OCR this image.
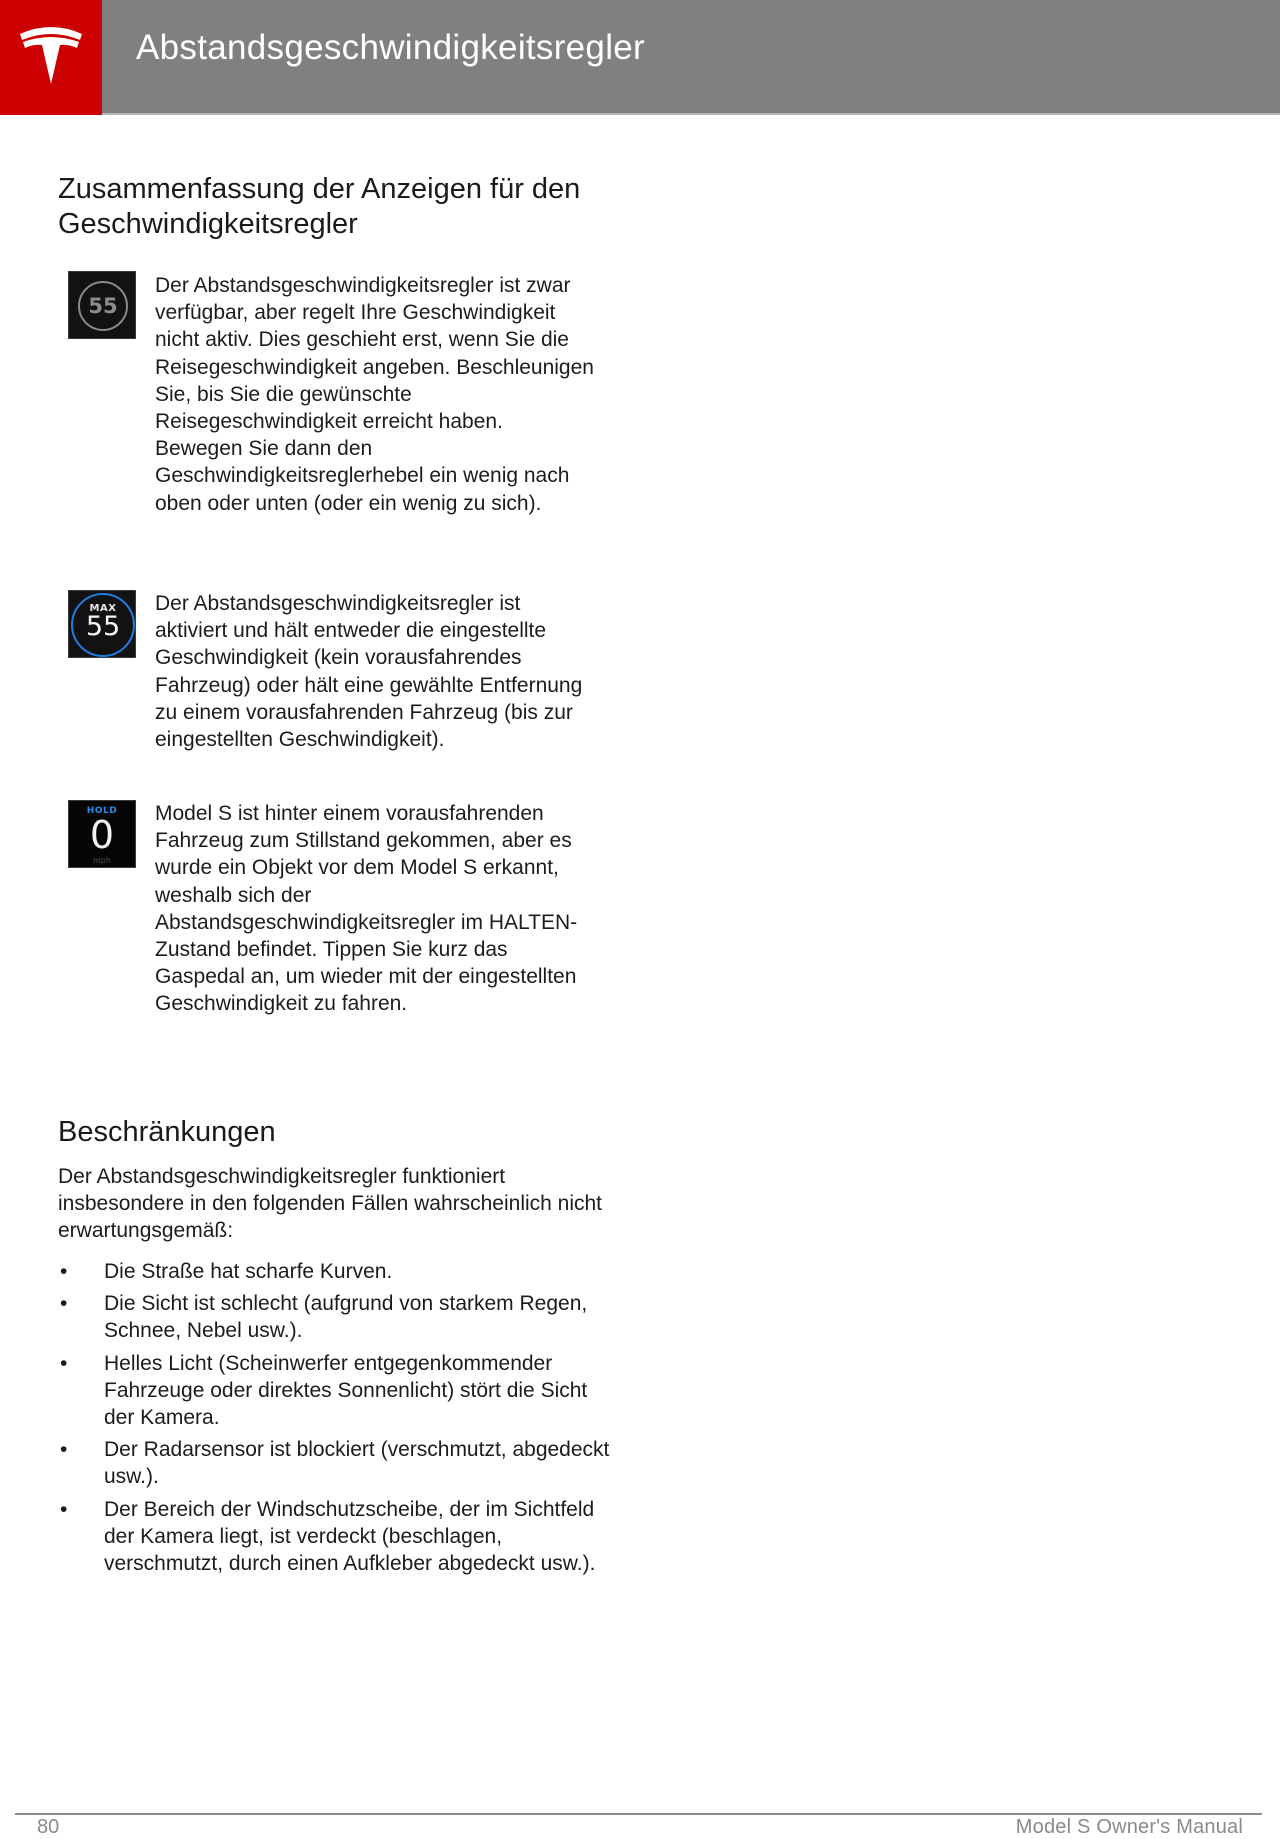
Abstandsgeschwindigkeitsregler
Zusammenfassung der Anzeigen für den Geschwindigkeitsregler
55
Der Abstandsgeschwindigkeitsregler ist zwar verfügbar, aber regelt Ihre Geschwindigkeit nicht aktiv. Dies geschieht erst, wenn Sie die Reisegeschwindigkeit angeben. Beschleunigen Sie, bis Sie die gewünschte Reisegeschwindigkeit erreicht haben. Bewegen Sie dann den Geschwindigkeitsreglerhebel ein wenig nach oben oder unten (oder ein wenig zu sich).
MAX
55
Der Abstandsgeschwindigkeitsregler ist aktiviert und hält entweder die eingestellte Geschwindigkeit (kein vorausfahrendes Fahrzeug) oder hält eine gewählte Entfernung zu einem vorausfahrenden Fahrzeug (bis zur eingestellten Geschwindigkeit).
HOLD
0
mph
Model S ist hinter einem vorausfahrenden Fahrzeug zum Stillstand gekommen, aber es wurde ein Objekt vor dem Model S erkannt, weshalb sich der Abstandsgeschwindigkeitsregler im HALTEN-Zustand befindet. Tippen Sie kurz das Gaspedal an, um wieder mit der eingestellten Geschwindigkeit zu fahren.
Beschränkungen

Der Abstandsgeschwindigkeitsregler funktioniert insbesondere in den folgenden Fällen wahrscheinlich nicht erwartungsgemäß:

• Die Straße hat scharfe Kurven.
• Die Sicht ist schlecht (aufgrund von starkem Regen, Schnee, Nebel usw.).
• Helles Licht (Scheinwerfer entgegenkommender Fahrzeuge oder direktes Sonnenlicht) stört die Sicht der Kamera.
• Der Radarsensor ist blockiert (verschmutzt, abgedeckt usw.).
• Der Bereich der Windschutzscheibe, der im Sichtfeld der Kamera liegt, ist verdeckt (beschlagen, verschmutzt, durch einen Aufkleber abgedeckt usw.).
80	Model S Owner's Manual
